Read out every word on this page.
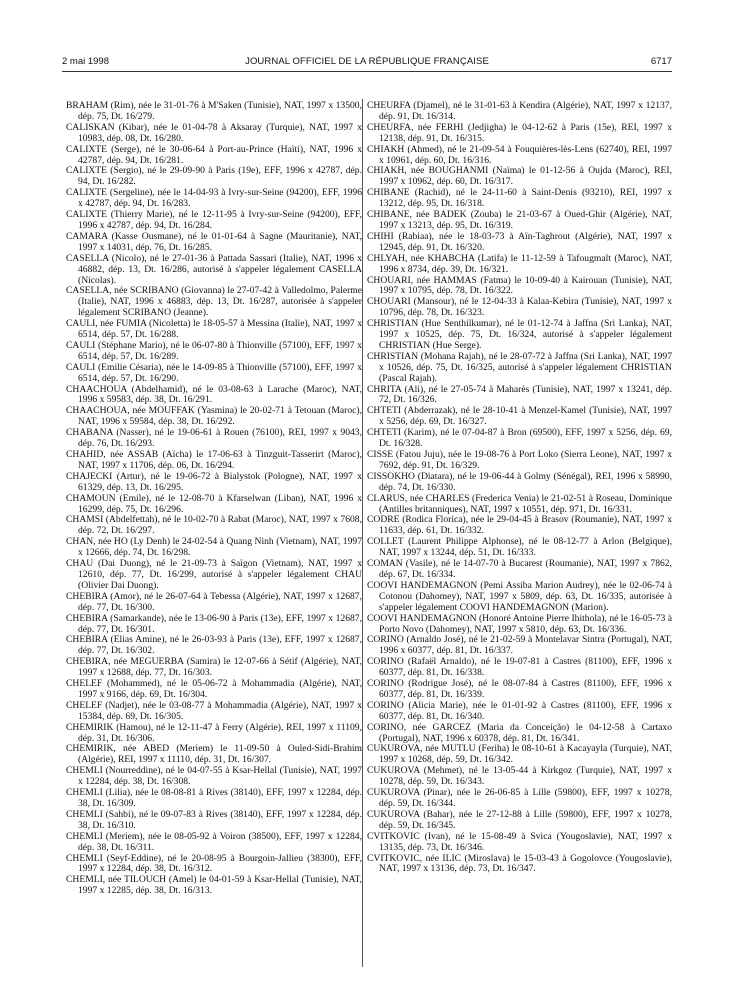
2 mai 1998	JOURNAL OFFICIEL DE LA RÉPUBLIQUE FRANÇAISE	6717

BRAHAM (Rim), née le 31-01-76 à M'Saken (Tunisie), NAT, 1997 x 13500, dép. 75, Dt. 16/279.

CALISKAN (Kibar), née le 01-04-78 à Aksaray (Turquie), NAT, 1997 x 10983, dép. 08, Dt. 16/280.

CALIXTE (Serge), né le 30-06-64 à Port-au-Prince (Haïti), NAT, 1996 x 42787, dép. 94, Dt. 16/281.

CALIXTE (Sergio), né le 29-09-90 à Paris (19e), EFF, 1996 x 42787, dép. 94, Dt. 16/282.

CALIXTE (Sergeline), née le 14-04-93 à Ivry-sur-Seine (94200), EFF, 1996 x 42787, dép. 94, Dt. 16/283.

CALIXTE (Thierry Marie), né le 12-11-95 à Ivry-sur-Seine (94200), EFF, 1996 x 42787, dép. 94, Dt. 16/284.

CAMARA (Kasse Ousmane), né le 01-01-64 à Sagne (Mauritanie), NAT, 1997 x 14031, dép. 76, Dt. 16/285.

CASELLA (Nicolo), né le 27-01-36 à Pattada Sassari (Italie), NAT, 1996 x 46882, dép. 13, Dt. 16/286, autorisé à s'appeler légalement CASELLA (Nicolas).

CASELLA, née SCRIBANO (Giovanna) le 27-07-42 à Valledolmo, Palerme (Italie), NAT, 1996 x 46883, dép. 13, Dt. 16/287, autorisée à s'appeler légalement SCRIBANO (Jeanne).

CAULI, née FUMIA (Nicoletta) le 18-05-57 à Messina (Italie), NAT, 1997 x 6514, dép. 57, Dt. 16/288.

CAULI (Stéphane Mario), né le 06-07-80 à Thionville (57100), EFF, 1997 x 6514, dép. 57, Dt. 16/289.

CAULI (Emilie Césaria), née le 14-09-85 à Thionville (57100), EFF, 1997 x 6514, dép. 57, Dt. 16/290.

CHAACHOUA (Abdelhamid), né le 03-08-63 à Larache (Maroc), NAT, 1996 x 59583, dép. 38, Dt. 16/291.

CHAACHOUA, née MOUFFAK (Yasmina) le 20-02-71 à Tetouan (Maroc), NAT, 1996 x 59584, dép. 38, Dt. 16/292.

CHABANA (Nasser), né le 19-06-61 à Rouen (76100), REI, 1997 x 9043, dép. 76, Dt. 16/293.

CHAHID, née ASSAB (Aïcha) le 17-06-63 à Tinzguit-Tasserirt (Maroc), NAT, 1997 x 11706, dép. 06, Dt. 16/294.

CHAJECKI (Artur), né le 19-06-72 à Bialystok (Pologne), NAT, 1997 x 61329, dép. 13, Dt. 16/295.

CHAMOUN (Emile), né le 12-08-70 à Kfarselwan (Liban), NAT, 1996 x 16299, dép. 75, Dt. 16/296.

CHAMSI (Abdelfettah), né le 10-02-70 à Rabat (Maroc), NAT, 1997 x 7608, dép. 72, Dt. 16/297.

CHAN, née HO (Ly Denh) le 24-02-54 à Quang Ninh (Vietnam), NAT, 1997 x 12666, dép. 74, Dt. 16/298.

CHAU (Dai Duong), né le 21-09-73 à Saïgon (Vietnam), NAT, 1997 x 12610, dép. 77, Dt. 16/299, autorisé à s'appeler légalement CHAU (Olivier Dai Duong).

CHEBIRA (Amor), né le 26-07-64 à Tebessa (Algérie), NAT, 1997 x 12687, dép. 77, Dt. 16/300.

CHEBIRA (Samarkande), née le 13-06-90 à Paris (13e), EFF, 1997 x 12687, dép. 77, Dt. 16/301.

CHEBIRA (Elias Amine), né le 26-03-93 à Paris (13e), EFF, 1997 x 12687, dép. 77, Dt. 16/302.

CHEBIRA, née MEGUERBA (Samira) le 12-07-66 à Sétif (Algérie), NAT, 1997 x 12688, dép. 77, Dt. 16/303.

CHELEF (Mohammed), né le 05-06-72 à Mohammadia (Algérie), NAT, 1997 x 9166, dép. 69, Dt. 16/304.

CHELEF (Nadjet), née le 03-08-77 à Mohammadia (Algérie), NAT, 1997 x 15384, dép. 69, Dt. 16/305.

CHEMIRIK (Hamou), né le 12-11-47 à Ferry (Algérie), REI, 1997 x 11109, dép. 31, Dt. 16/306.

CHEMIRIK, née ABED (Meriem) le 11-09-50 à Ouled-Sidi-Brahim (Algérie), REI, 1997 x 11110, dép. 31, Dt. 16/307.

CHEMLI (Nourreddine), né le 04-07-55 à Ksar-Hellal (Tunisie), NAT, 1997 x 12284, dép. 38, Dt. 16/308.

CHEMLI (Lilia), née le 08-08-81 à Rives (38140), EFF, 1997 x 12284, dép. 38, Dt. 16/309.

CHEMLI (Sahbi), né le 09-07-83 à Rives (38140), EFF, 1997 x 12284, dép. 38, Dt. 16/310.

CHEMLI (Meriem), née le 08-05-92 à Voiron (38500), EFF, 1997 x 12284, dép. 38, Dt. 16/311.

CHEMLI (Seyf-Eddine), né le 20-08-95 à Bourgoin-Jallieu (38300), EFF, 1997 x 12284, dép. 38, Dt. 16/312.

CHEMLI, née TILOUCH (Amel) le 04-01-59 à Ksar-Hellal (Tunisie), NAT, 1997 x 12285, dép. 38, Dt. 16/313.

CHEURFA (Djamel), né le 31-01-63 à Kendira (Algérie), NAT, 1997 x 12137, dép. 91, Dt. 16/314.

CHEURFA, née FERHI (Jedjigha) le 04-12-62 à Paris (15e), REI, 1997 x 12138, dép. 91, Dt. 16/315.

CHIAKH (Ahmed), né le 21-09-54 à Fouquières-lès-Lens (62740), REI, 1997 x 10961, dép. 60, Dt. 16/316.

CHIAKH, née BOUGHANMI (Naïma) le 01-12-56 à Oujda (Maroc), REI, 1997 x 10962, dép. 60, Dt. 16/317.

CHIBANE (Rachid), né le 24-11-60 à Saint-Denis (93210), REI, 1997 x 13212, dép. 95, Dt. 16/318.

CHIBANE, née BADEK (Zouba) le 21-03-67 à Oued-Ghir (Algérie), NAT, 1997 x 13213, dép. 95, Dt. 16/319.

CHIHI (Rabiaa), née le 18-03-73 à Aïn-Taghrout (Algérie), NAT, 1997 x 12945, dép. 91, Dt. 16/320.

CHLYAH, née KHABCHA (Latifa) le 11-12-59 à Tafougmalt (Maroc), NAT, 1996 x 8734, dép. 39, Dt. 16/321.

CHOUARI, née HAMMAS (Fatma) le 10-09-40 à Kairouan (Tunisie), NAT, 1997 x 10795, dép. 78, Dt. 16/322.

CHOUARI (Mansour), né le 12-04-33 à Kalaa-Kebira (Tunisie), NAT, 1997 x 10796, dép. 78, Dt. 16/323.

CHRISTIAN (Hue Senthilkumar), né le 01-12-74 à Jaffna (Sri Lanka), NAT, 1997 x 10525, dép. 75, Dt. 16/324, autorisé à s'appeler légalement CHRISTIAN (Hue Serge).

CHRISTIAN (Mohana Rajah), né le 28-07-72 à Jaffna (Sri Lanka), NAT, 1997 x 10526, dép. 75, Dt. 16/325, autorisé à s'appeler légalement CHRISTIAN (Pascal Rajah).

CHRITA (Ali), né le 27-05-74 à Maharès (Tunisie), NAT, 1997 x 13241, dép. 72, Dt. 16/326.

CHTETI (Abderrazak), né le 28-10-41 à Menzel-Kamel (Tunisie), NAT, 1997 x 5256, dép. 69, Dt. 16/327.

CHTETI (Karim), né le 07-04-87 à Bron (69500), EFF, 1997 x 5256, dép. 69, Dt. 16/328.

CISSE (Fatou Juju), née le 19-08-76 à Port Loko (Sierra Leone), NAT, 1997 x 7692, dép. 91, Dt. 16/329.

CISSOKHO (Diatara), né le 19-06-44 à Golmy (Sénégal), REI, 1996 x 58990, dép. 74, Dt. 16/330.

CLARUS, née CHARLES (Frederica Venia) le 21-02-51 à Roseau, Dominique (Antilles britanniques), NAT, 1997 x 10551, dép. 971, Dt. 16/331.

CODRE (Rodica Florica), née le 29-04-45 à Brasov (Roumanie), NAT, 1997 x 11633, dép. 61, Dt. 16/332.

COLLET (Laurent Philippe Alphonse), né le 08-12-77 à Arlon (Belgique), NAT, 1997 x 13244, dép. 51, Dt. 16/333.

COMAN (Vasile), né le 14-07-70 à Bucarest (Roumanie), NAT, 1997 x 7862, dép. 67, Dt. 16/334.

COOVI HANDEMAGNON (Pemi Assiba Marion Audrey), née le 02-06-74 à Cotonou (Dahomey), NAT, 1997 x 5809, dép. 63, Dt. 16/335, autorisée à s'appeler légalement COOVI HANDEMAGNON (Marion).

COOVI HANDEMAGNON (Honoré Antoine Pierre Ihithola), né le 16-05-73 à Porto Novo (Dahomey), NAT, 1997 x 5810, dép. 63, Dt. 16/336.

CORINO (Arnaldo José), né le 21-02-59 à Montelavar Sintra (Portugal), NAT, 1996 x 60377, dép. 81, Dt. 16/337.

CORINO (Rafaël Arnaldo), né le 19-07-81 à Castres (81100), EFF, 1996 x 60377, dép. 81, Dt. 16/338.

CORINO (Rodrigue José), né le 08-07-84 à Castres (81100), EFF, 1996 x 60377, dép. 81, Dt. 16/339.

CORINO (Alicia Marie), née le 01-01-92 à Castres (81100), EFF, 1996 x 60377, dép. 81, Dt. 16/340.

CORINO, née GARCEZ (Maria da Conceição) le 04-12-58 à Cartaxo (Portugal), NAT, 1996 x 60378, dép. 81, Dt. 16/341.

CUKUROVA, née MUTLU (Feriha) le 08-10-61 à Kacayayla (Turquie), NAT, 1997 x 10268, dép. 59, Dt. 16/342.

CUKUROVA (Mehmet), né le 13-05-44 à Kirkgoz (Turquie), NAT, 1997 x 10278, dép. 59, Dt. 16/343.

CUKUROVA (Pinar), née le 26-06-85 à Lille (59800), EFF, 1997 x 10278, dép. 59, Dt. 16/344.

CUKUROVA (Bahar), née le 27-12-88 à Lille (59800), EFF, 1997 x 10278, dép. 59, Dt. 16/345.

CVITKOVIC (Ivan), né le 15-08-49 à Svica (Yougoslavie), NAT, 1997 x 13135, dép. 73, Dt. 16/346.

CVITKOVIC, née ILIC (Miroslava) le 15-03-43 à Gogolovce (Yougoslavie), NAT, 1997 x 13136, dép. 73, Dt. 16/347.
